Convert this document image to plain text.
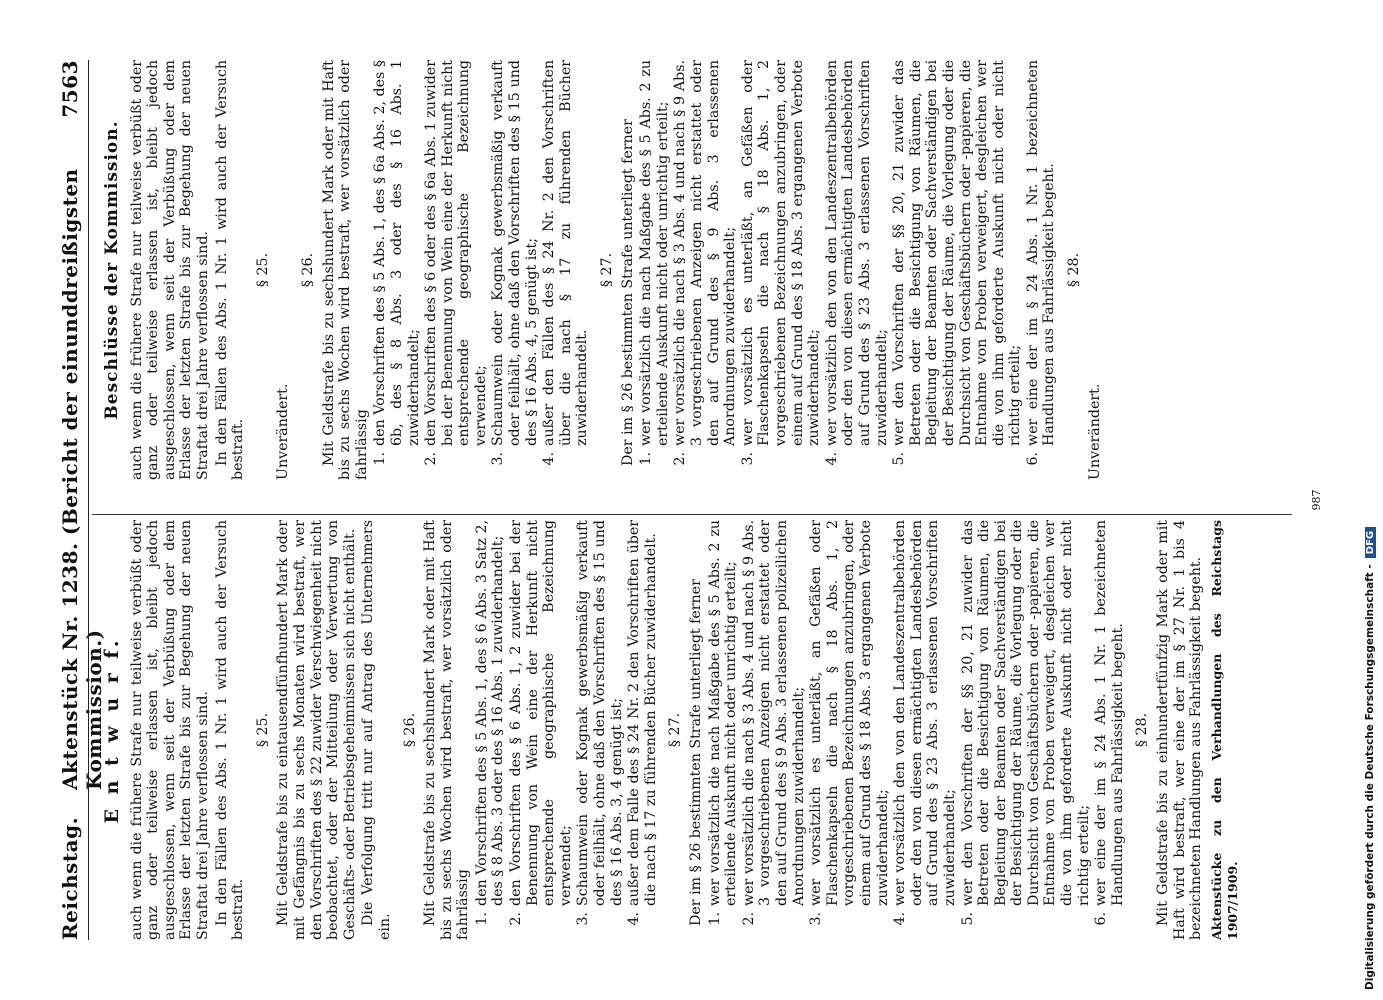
Reichstag.
Aktenstück Nr. 1238. (Bericht der einunddreißigsten Kommission.)
7563
E n t w u r f. auch wenn die frühere Strafe nur teilweise verbüßt oder ganz oder teilweise erlassen ist, bleibt jedoch ausgeschlossen, wenn seit der Verbüßung oder dem Erlasse der letzten Strafe bis zur Begehung der neuen Straftat drei Jahre verflossen sind. In den Fällen des Abs. 1 Nr. 1 wird auch der Versuch bestraft.

§ 25. Mit Geldstrafe bis zu eintausendfünfhundert Mark oder mit Gefängnis bis zu sechs Monaten wird bestraft, wer den Vorschriften des § 22 zuwider Verschwiegenheit nicht beobachtet, oder der Mitteilung oder Verwertung von Geschäfts- oder Betriebsgeheimnissen sich nicht enthält. Die Verfolgung tritt nur auf Antrag des Unternehmers ein.

§ 26. Mit Geldstrafe bis zu sechshundert Mark oder mit Haft bis zu sechs Wochen wird bestraft, wer vorsätzlich oder fahrlässig 1.
den Vorschriften des § 5 Abs. 1, des § 6 Abs. 3 Satz 2, des § 8 Abs. 3 oder des § 16 Abs. 1 zuwiderhandelt;
2.
den Vorschriften des § 6 Abs. 1, 2 zuwider bei der Benennung von Wein eine der Herkunft nicht entsprechende geographische Bezeichnung verwendet;
3.
Schaumwein oder Kognak gewerbsmäßig verkauft oder feilhält, ohne daß den Vorschriften des § 15 und des § 16 Abs. 3, 4 genügt ist;
4.
außer dem Falle des § 24 Nr. 2 den Vorschriften über die nach § 17 zu führenden Bücher zuwiderhandelt. § 27. Der im § 26 bestimmten Strafe unterliegt ferner 1.
wer vorsätzlich die nach Maßgabe des § 5 Abs. 2 zu erteilende Auskunft nicht oder unrichtig erteilt;
2.
wer vorsätzlich die nach § 3 Abs. 4 und nach § 9 Abs. 3 vorgeschriebenen Anzeigen nicht erstattet oder den auf Grund des § 9 Abs. 3 erlassenen polizeilichen Anordnungen zuwiderhandelt;
3.
wer vorsätzlich es unterläßt, an Gefäßen oder Flaschenkapseln die nach § 18 Abs. 1, 2 vorgeschriebenen Bezeichnungen anzubringen, oder einem auf Grund des § 18 Abs. 3 ergangenen Verbote zuwiderhandelt;
4.
wer vorsätzlich den von den Landeszentralbehörden oder den von diesen ermächtigten Landesbehörden auf Grund des § 23 Abs. 3 erlassenen Vorschriften zuwiderhandelt;
5.
wer den Vorschriften der §§ 20, 21 zuwider das Betreten oder die Besichtigung von Räumen, die Begleitung der Beamten oder Sachverständigen bei der Besichtigung der Räume, die Vorlegung oder die Durchsicht von Geschäftsbüchern oder -papieren, die Entnahme von Proben verweigert, desgleichen wer die von ihm geforderte Auskunft nicht oder nicht richtig erteilt;
6.
wer eine der im § 24 Abs. 1 Nr. 1 bezeichneten Handlungen aus Fahrlässigkeit begeht. § 28. Mit Geldstrafe bis zu einhundertfünfzig Mark oder mit Haft wird bestraft, wer eine der im § 27 Nr. 1 bis 4 bezeichneten Handlungen aus Fahrlässigkeit begeht. Aktenstücke zu den Verhandlungen des Reichstags 1907/1909.
Beschlüsse der Kommission. auch wenn die frühere Strafe nur teilweise verbüßt oder ganz oder teilweise erlassen ist, bleibt jedoch ausgeschlossen, wenn seit der Verbüßung oder dem Erlasse der letzten Strafe bis zur Begehung der neuen Straftat drei Jahre verflossen sind. In den Fällen des Abs. 1 Nr. 1 wird auch der Versuch bestraft.

§ 25.

Unverändert.

§ 26. Mit Geldstrafe bis zu sechshundert Mark oder mit Haft bis zu sechs Wochen wird bestraft, wer vorsätzlich oder fahrlässig 1.
den Vorschriften des § 5 Abs. 1, des § 6a Abs. 2, des § 6b, des § 8 Abs. 3 oder des § 16 Abs. 1 zuwiderhandelt;
2.
den Vorschriften des § 6 oder des § 6a Abs. 1 zuwider bei der Benennung von Wein eine der Herkunft nicht entsprechende geographische Bezeichnung verwendet;
3.
Schaumwein oder Kognak gewerbsmäßig verkauft oder feilhält, ohne daß den Vorschriften des § 15 und des § 16 Abs. 4, 5 genügt ist;
4.
außer den Fällen des § 24 Nr. 2 den Vorschriften über die nach § 17 zu führenden Bücher zuwiderhandelt.
§ 27. Der im § 26 bestimmten Strafe unterliegt ferner 1.
wer vorsätzlich die nach Maßgabe des § 5 Abs. 2 zu erteilende Auskunft nicht oder unrichtig erteilt;
2.
wer vorsätzlich die nach § 3 Abs. 4 und nach § 9 Abs. 3 vorgeschriebenen Anzeigen nicht erstattet oder den auf Grund des § 9 Abs. 3 erlassenen Anordnungen zuwiderhandelt;
3.
wer vorsätzlich es unterläßt, an Gefäßen oder Flaschenkapseln die nach § 18 Abs. 1, 2 vorgeschriebenen Bezeichnungen anzubringen, oder einem auf Grund des § 18 Abs. 3 ergangenen Verbote zuwiderhandelt;
4.
wer vorsätzlich den von den Landeszentralbehörden oder den von diesen ermächtigten Landesbehörden auf Grund des § 23 Abs. 3 erlassenen Vorschriften zuwiderhandelt;
5.
wer den Vorschriften der §§ 20, 21 zuwider das Betreten oder die Besichtigung von Räumen, die Begleitung der Beamten oder Sachverständigen bei der Besichtigung der Räume, die Vorlegung oder die Durchsicht von Geschäftsbüchern oder -papieren, die Entnahme von Proben verweigert, desgleichen wer die von ihm geforderte Auskunft nicht oder nicht richtig erteilt;
6.
wer eine der im § 24 Abs. 1 Nr. 1 bezeichneten Handlungen aus Fahrlässigkeit begeht. § 28.

Unverändert.

987
Digitalisierung gefördert durch die Deutsche Forschungsgemeinschaft -DFG
